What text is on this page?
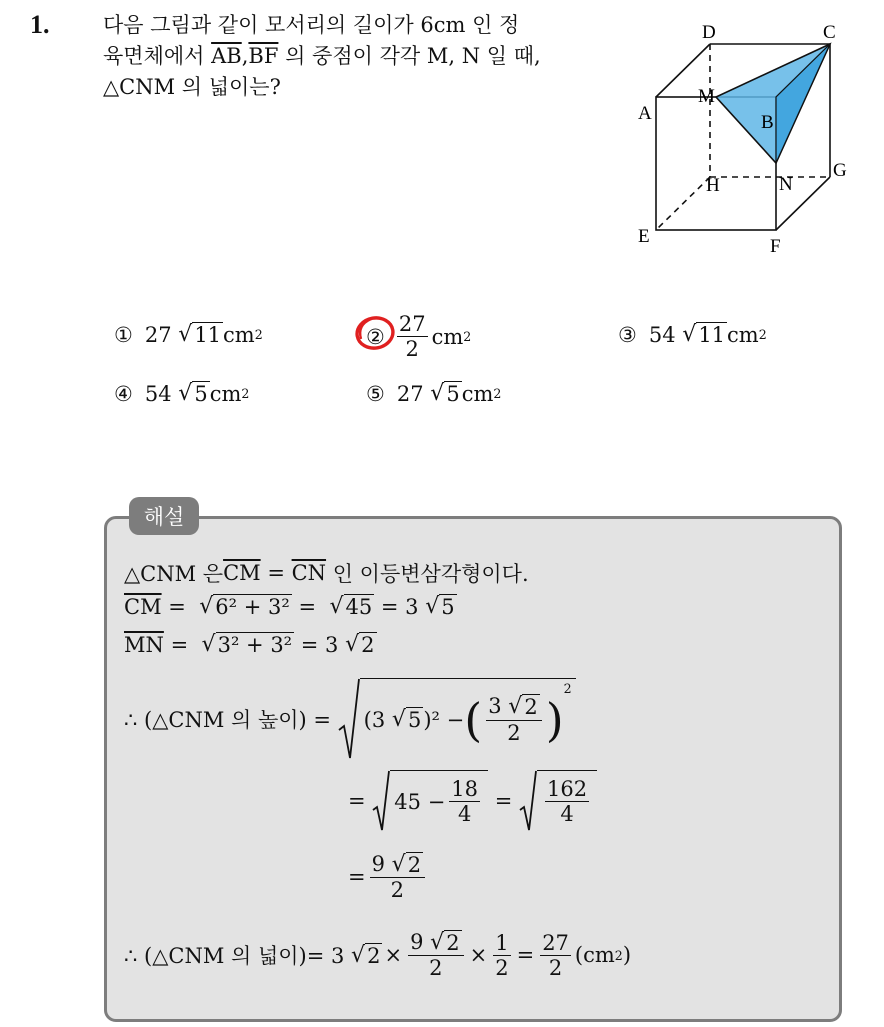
1.	다음 그림과 같이 모서리의 길이가 6cm 인 정
육면체에서 $\overline{AB},\overline{BF}$ 의 중점이 각각 M, N 일 때,
△CNM 의 넓이는?
D	C
A
M
B
H	N
G
E	F
① 27
√ 11 cm 2	② $\frac{27}{2}$ cm 2	③ 54
√ 11 cm 2
④ 54
√ 5 cm 2	⑤ 27
√ 5 cm 2
해설
△CNM 은 $\overline{CM} = \overline{CN}$ 인 이등변삼각형이다.
$\overline{CM}$ =
√ 6² + 3² =
√ 45 = 3
√ 5
$\overline{MN}$ =
√ 3² + 3² = 3
√ 2
∴ (△CNM 의 높이) = (3
√ 5 )² − ( $\frac{3 √ 2}{2}$ )
2
=
$45 - \frac{18}{4}$
=
$\frac{162}{4}$
= $\frac{9 √ 2}{2}$
∴ (△CNM 의 넓이)= 3
√ $2 \times \frac{9 √ 2}{2} \times \frac{1}{2} = \frac{27}{2} (cm$ 2 )
